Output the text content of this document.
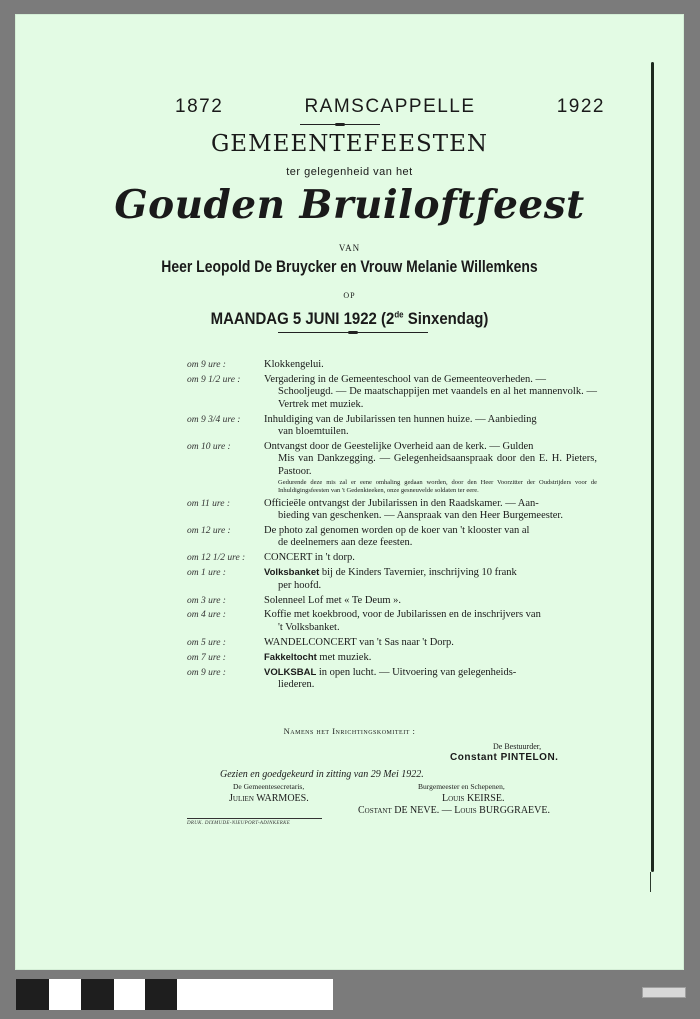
1872	RAMSCAPPELLE	1922
GEMEENTEFEESTEN
ter gelegenheid van het
Gouden Bruiloftfeest
VAN
Heer Leopold De Bruycker en Vrouw Melanie Willemkens
OP
MAANDAG 5 JUNI 1922 (2de Sinxendag)
om 9 ure :	Klokkengelui.
om 9 1/2 ure :	Vergadering in de Gemeenteschool van de Gemeenteoverheden. —
Schooljeugd. — De maatschappijen met vaandels en al het mannenvolk. — Vertrek met muziek.
om 9 3/4 ure :	Inhuldiging van de Jubilarissen ten hunnen huize. — Aanbieding
van bloemtuilen.
om 10 ure :	Ontvangst door de Geestelijke Overheid aan de kerk. — Gulden
Mis van Dankzegging. — Gelegenheidsaanspraak door den E. H. Pieters, Pastoor.
Gedurende deze mis zal er eene omhaling gedaan worden, door den Heer Voorzitter der Oudstrijders voor de Inhuldigingsfeesten van 't Gedenkteeken, onze gesneuvelde soldaten ter eere.
om 11 ure :	Officieële ontvangst der Jubilarissen in den Raadskamer. — Aan-
bieding van geschenken. — Aanspraak van den Heer Burgemeester.
om 12 ure :	De photo zal genomen worden op de koer van 't klooster van al
de deelnemers aan deze feesten.
om 12 1/2 ure :	CONCERT in 't dorp.
om 1 ure :	Volksbanket bij de Kinders Tavernier, inschrijving 10 frank
per hoofd.
om 3 ure :	Solenneel Lof met « Te Deum ».
om 4 ure :	Koffie met koekbrood, voor de Jubilarissen en de inschrijvers van
't Volksbanket.
om 5 ure :	WANDELCONCERT van 't Sas naar 't Dorp.
om 7 ure :	Fakkeltocht met muziek.
om 9 ure :	VOLKSBAL in open lucht. — Uitvoering van gelegenheids-
liederen.
Namens het Inrichtingskomiteit :
De Bestuurder,
Constant PINTELON.
Gezien en goedgekeurd in zitting van 29 Mei 1922.
De Gemeentesecretaris,
Julien WARMOES.
Burgemeester en Schepenen,
Louis KEIRSE.
Costant DE NEVE. — Louis BURGGRAEVE.
DRUK. DIXMUDE-NIEUPORT-ADINKERKE
